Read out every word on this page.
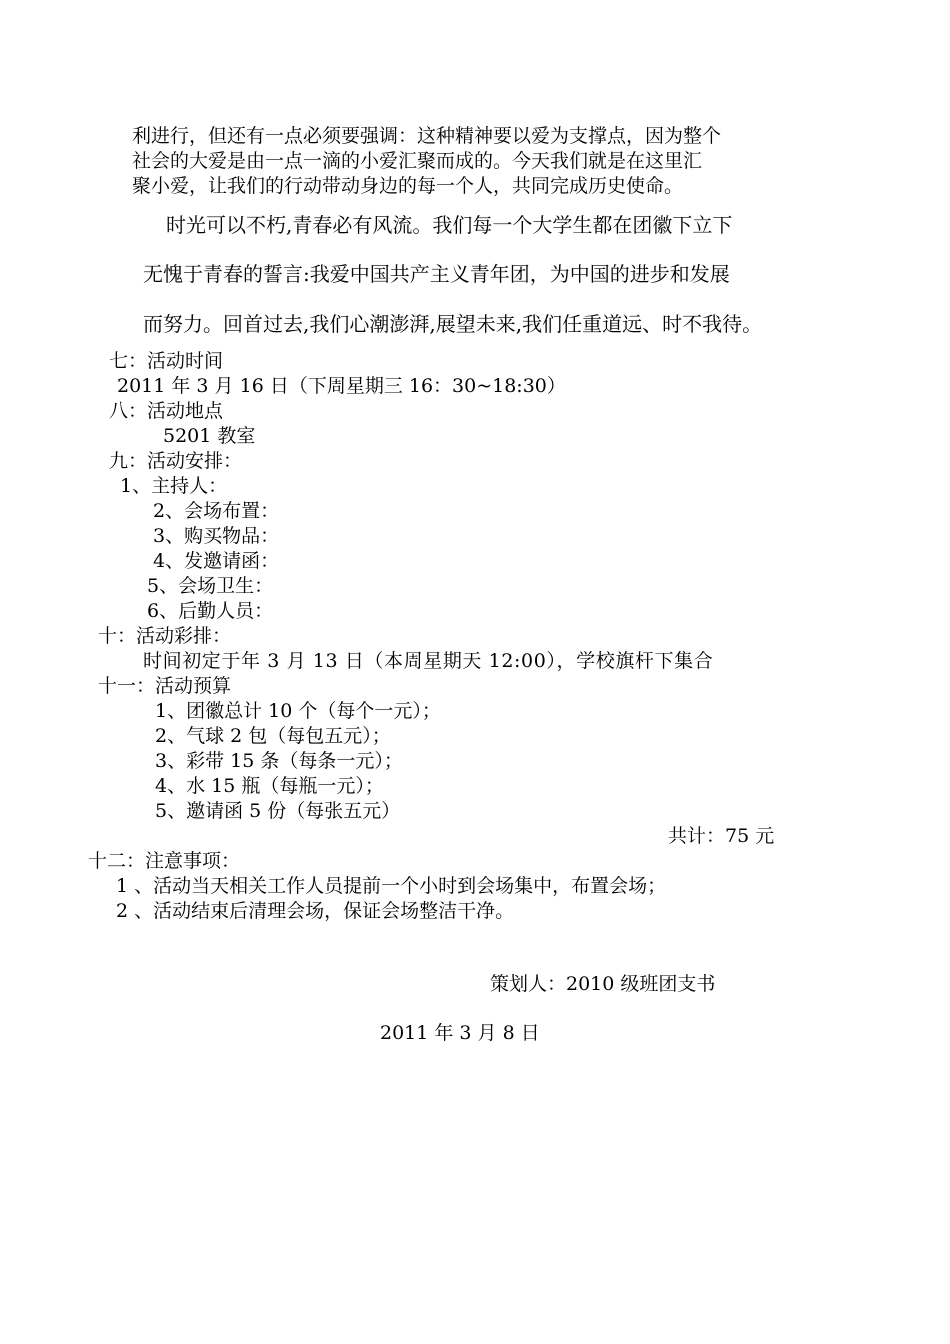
利进行，但还有一点必须要强调：这种精神要以爱为支撑点，因为整个
社会的大爱是由一点一滴的小爱汇聚而成的。今天我们就是在这里汇
聚小爱，让我们的行动带动身边的每一个人，共同完成历史使命。
时光可以不朽,青春必有风流。我们每一个大学生都在团徽下立下
无愧于青春的誓言:我爱中国共产主义青年团，为中国的进步和发展
而努力。回首过去,我们心潮澎湃,展望未来,我们任重道远、时不我待。
七：活动时间
2011 年 3 月 16 日（下周星期三 16：30~18:30）
八：活动地点
5201 教室
九：活动安排：
1、主持人：
2、会场布置：
3、购买物品：
4、发邀请函：
5、会场卫生：
6、后勤人员：
十：活动彩排：
时间初定于年 3 月 13 日（本周星期天 12:00），学校旗杆下集合
十一：活动预算
1、团徽总计 10 个（每个一元）；
2、气球 2 包（每包五元）；
3、彩带 15 条（每条一元）；
4、水 15 瓶（每瓶一元）；
5、邀请函 5 份（每张五元）
共计：75 元
十二：注意事项：
1 、活动当天相关工作人员提前一个小时到会场集中，布置会场；
2 、活动结束后清理会场，保证会场整洁干净。
策划人：2010 级班团支书
2011 年 3 月 8 日
